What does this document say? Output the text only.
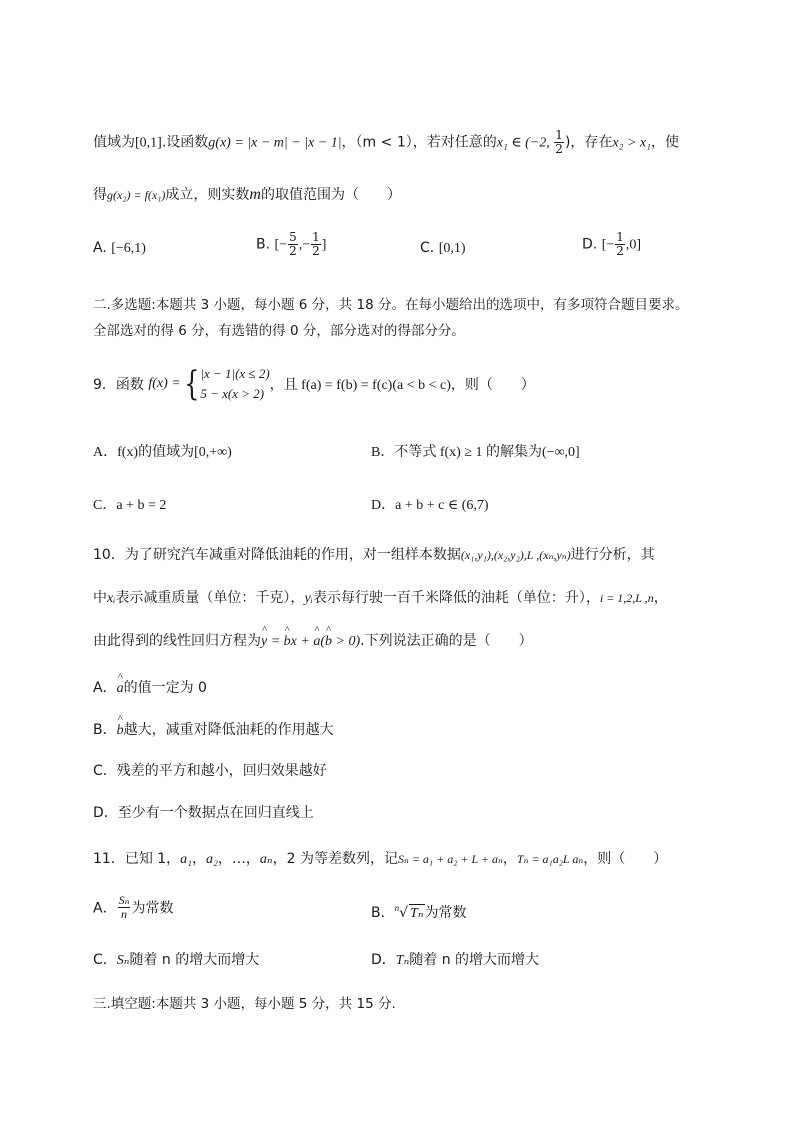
值域为[0,1].设函数g(x) = |x − m| − |x − 1|，（m < 1），若对任意的x₁ ∈ (−2, $\frac{1}{2}$ )，存在x₂ > x₁，使
得g(x₂) = f(x₁)成立，则实数m的取值范围为（　　）
A. [−6,1)	B. [− $\frac{5}{2}$ ,− $\frac{1}{2}$ ]	C. [0,1)	D. [− $\frac{1}{2} ,0$]
二.多选题:本题共 3 小题，每小题 6 分，共 18 分。在每小题给出的选项中，有多项符合题目要求。
全部选对的得 6 分，有选错的得 0 分，部分选对的得部分分。
9．函数 f(x) ={ |x − 1|(x ≤ 2)
5 − x(x > 2)
，且 f(a) = f(b) = f(c)(a < b < c)，则（　　）
A．f(x)的值域为[0,+∞)	B．不等式 f(x) ≥ 1 的解集为(−∞,0]
C．a + b = 2	D．a + b + c ∈ (6,7)
10．为了研究汽车减重对降低油耗的作用，对一组样本数据(x₁,y₁),(x₂,y₂),L ,(xₙ,yₙ)进行分析，其
中xᵢ表示减重质量（单位：千克），yᵢ表示每行驶一百千米降低的油耗（单位：升），i = 1,2,L ,n，
由此得到的线性回归方程为^ y = ^ bx + ^ a(^ b > 0).下列说法正确的是（　　）
A．^ a的值一定为 0
B．^ b越大，减重对降低油耗的作用越大
C．残差的平方和越小，回归效果越好
D．至少有一个数据点在回归直线上
11．已知 1，a₁，a₂，…，aₙ，2 为等差数列，记Sₙ = a₁ + a₂ + L + aₙ，Tₙ = a₁a₂L aₙ，则（　　）
A． $\frac{\text{Sₙ}}{n}$ 为常数	B．$^n$√ Tₙ为常数
C．Sₙ随着 n 的增大而增大	D．Tₙ随着 n 的增大而增大
三.填空题:本题共 3 小题，每小题 5 分，共 15 分.
